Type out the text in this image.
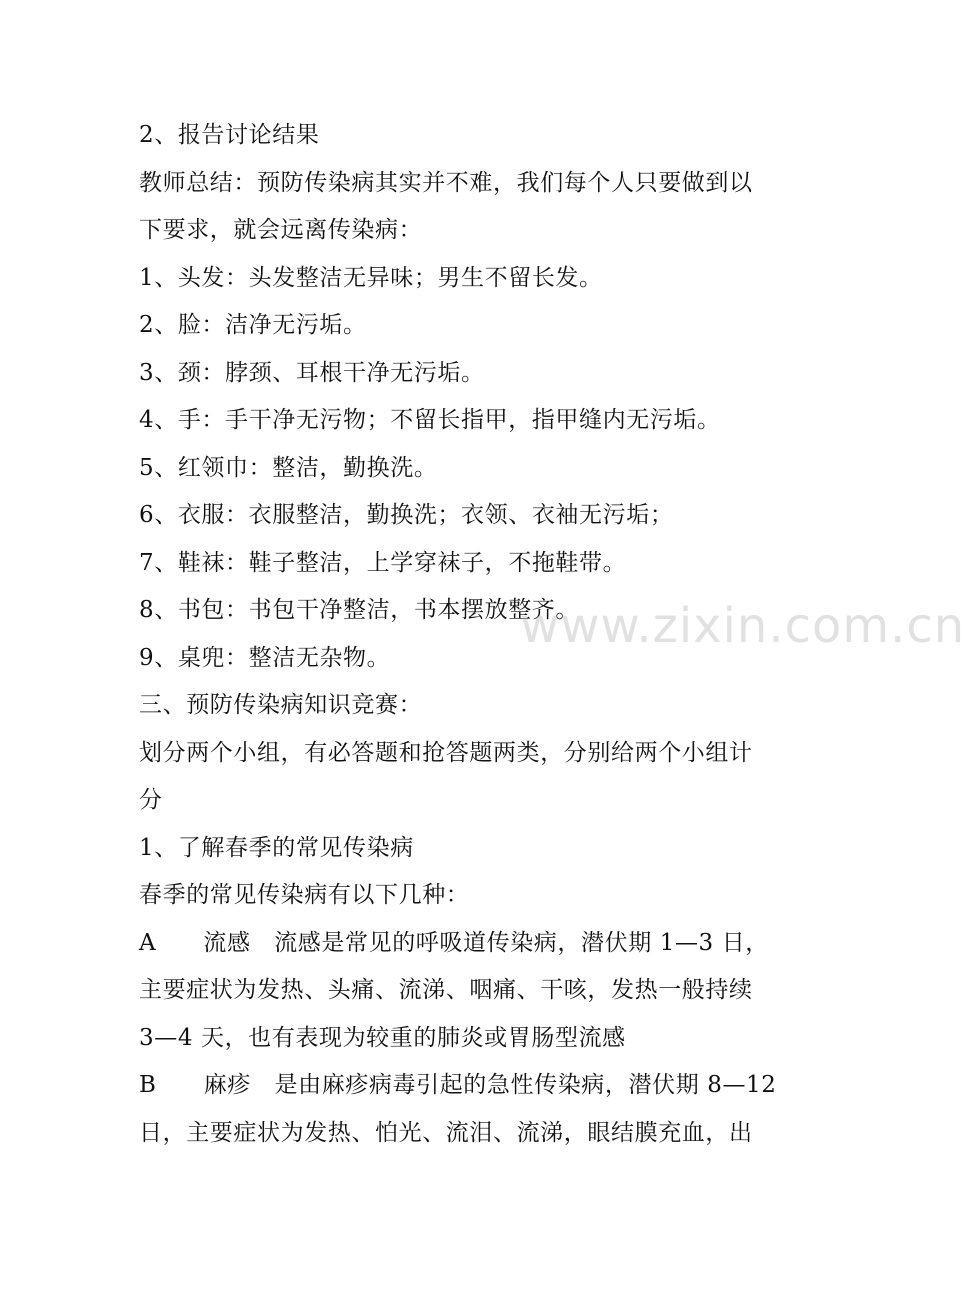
2、报告讨论结果
教师总结：预防传染病其实并不难，我们每个人只要做到以
下要求，就会远离传染病：
1、头发：头发整洁无异味；男生不留长发。
2、脸：洁净无污垢。
3、颈：脖颈、耳根干净无污垢。
4、手：手干净无污物；不留长指甲，指甲缝内无污垢。
5、红领巾：整洁，勤换洗。
6、衣服：衣服整洁，勤换洗；衣领、衣袖无污垢；
7、鞋袜：鞋子整洁，上学穿袜子，不拖鞋带。
8、书包：书包干净整洁，书本摆放整齐。
9、桌兜：整洁无杂物。
三、预防传染病知识竞赛：
划分两个小组，有必答题和抢答题两类，分别给两个小组计
分
1、了解春季的常见传染病
春季的常见传染病有以下几种：
A　　流感　流感是常见的呼吸道传染病，潜伏期 1—3 日，
主要症状为发热、头痛、流涕、咽痛、干咳，发热一般持续
3—4 天，也有表现为较重的肺炎或胃肠型流感
B　　麻疹　是由麻疹病毒引起的急性传染病，潜伏期 8—12
日，主要症状为发热、怕光、流泪、流涕，眼结膜充血，出
www.zixin.com.cn
